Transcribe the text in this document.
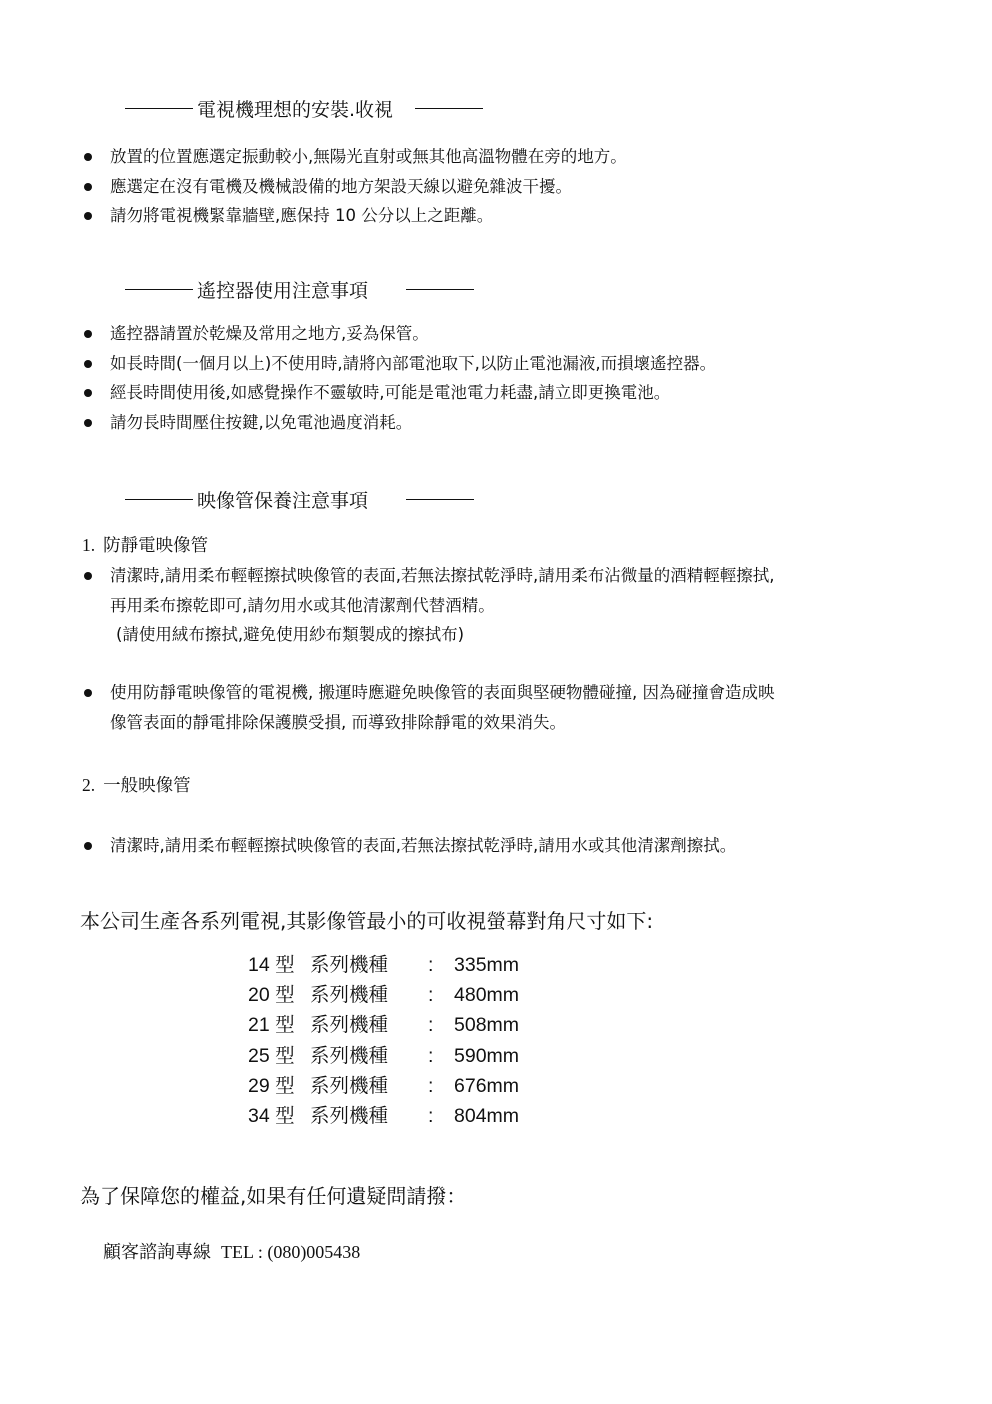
電視機理想的安裝.收視
放置的位置應選定振動較小,無陽光直射或無其他高溫物體在旁的地方。
應選定在沒有電機及機械設備的地方架設天線以避免雜波干擾。
請勿將電視機緊靠牆壁,應保持 10 公分以上之距離。
遙控器使用注意事項
遙控器請置於乾燥及常用之地方,妥為保管。
如長時間(一個月以上)不使用時,請將內部電池取下,以防止電池漏液,而損壞遙控器。
經長時間使用後,如感覺操作不靈敏時,可能是電池電力耗盡,請立即更換電池。
請勿長時間壓住按鍵,以免電池過度消耗。
映像管保養注意事項
1. 防靜電映像管
清潔時,請用柔布輕輕擦拭映像管的表面,若無法擦拭乾淨時,請用柔布沾微量的酒精輕輕擦拭,
再用柔布擦乾即可,請勿用水或其他清潔劑代替酒精。
(請使用絨布擦拭,避免使用紗布類製成的擦拭布)
使用防靜電映像管的電視機, 搬運時應避免映像管的表面與堅硬物體碰撞, 因為碰撞會造成映
像管表面的靜電排除保護膜受損, 而導致排除靜電的效果消失。
2. 一般映像管
清潔時,請用柔布輕輕擦拭映像管的表面,若無法擦拭乾淨時,請用水或其他清潔劑擦拭。
本公司生產各系列電視,其影像管最小的可收視螢幕對角尺寸如下:
14 型 系列機種 : 335mm
20 型 系列機種 : 480mm
21 型 系列機種 : 508mm
25 型 系列機種 : 590mm
29 型 系列機種 : 676mm
34 型 系列機種 : 804mm
為了保障您的權益,如果有任何遺疑問請撥：
顧客諮詢專線 TEL : (080)005438
